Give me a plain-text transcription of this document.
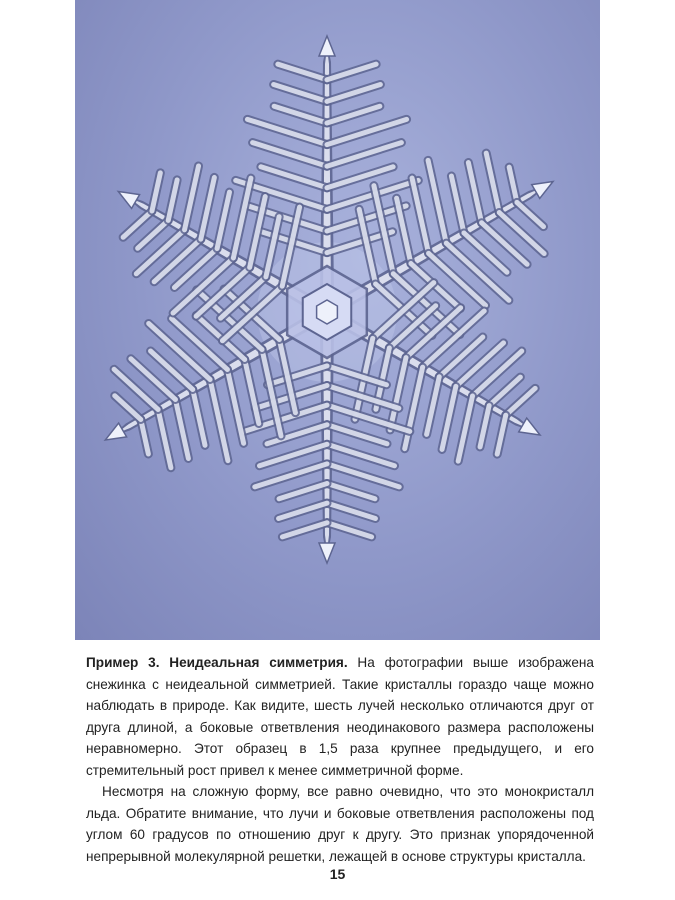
Пример 3. Неидеальная симметрия. На фотографии выше изображена снежинка с неидеальной симметрией. Такие кристаллы гораздо чаще можно наблюдать в природе. Как видите, шесть лучей несколько отличаются друг от друга длиной, а боковые ответвления неодинакового размера расположены неравномерно. Этот образец в 1,5 раза крупнее предыдущего, и его стремительный рост привел к менее симметричной форме.

Несмотря на сложную форму, все равно очевидно, что это монокристалл льда. Обратите внимание, что лучи и боковые ответвления расположены под углом 60 градусов по отношению друг к другу. Это признак упорядоченной непрерывной молекулярной решетки, лежащей в основе структуры кристалла.

15
